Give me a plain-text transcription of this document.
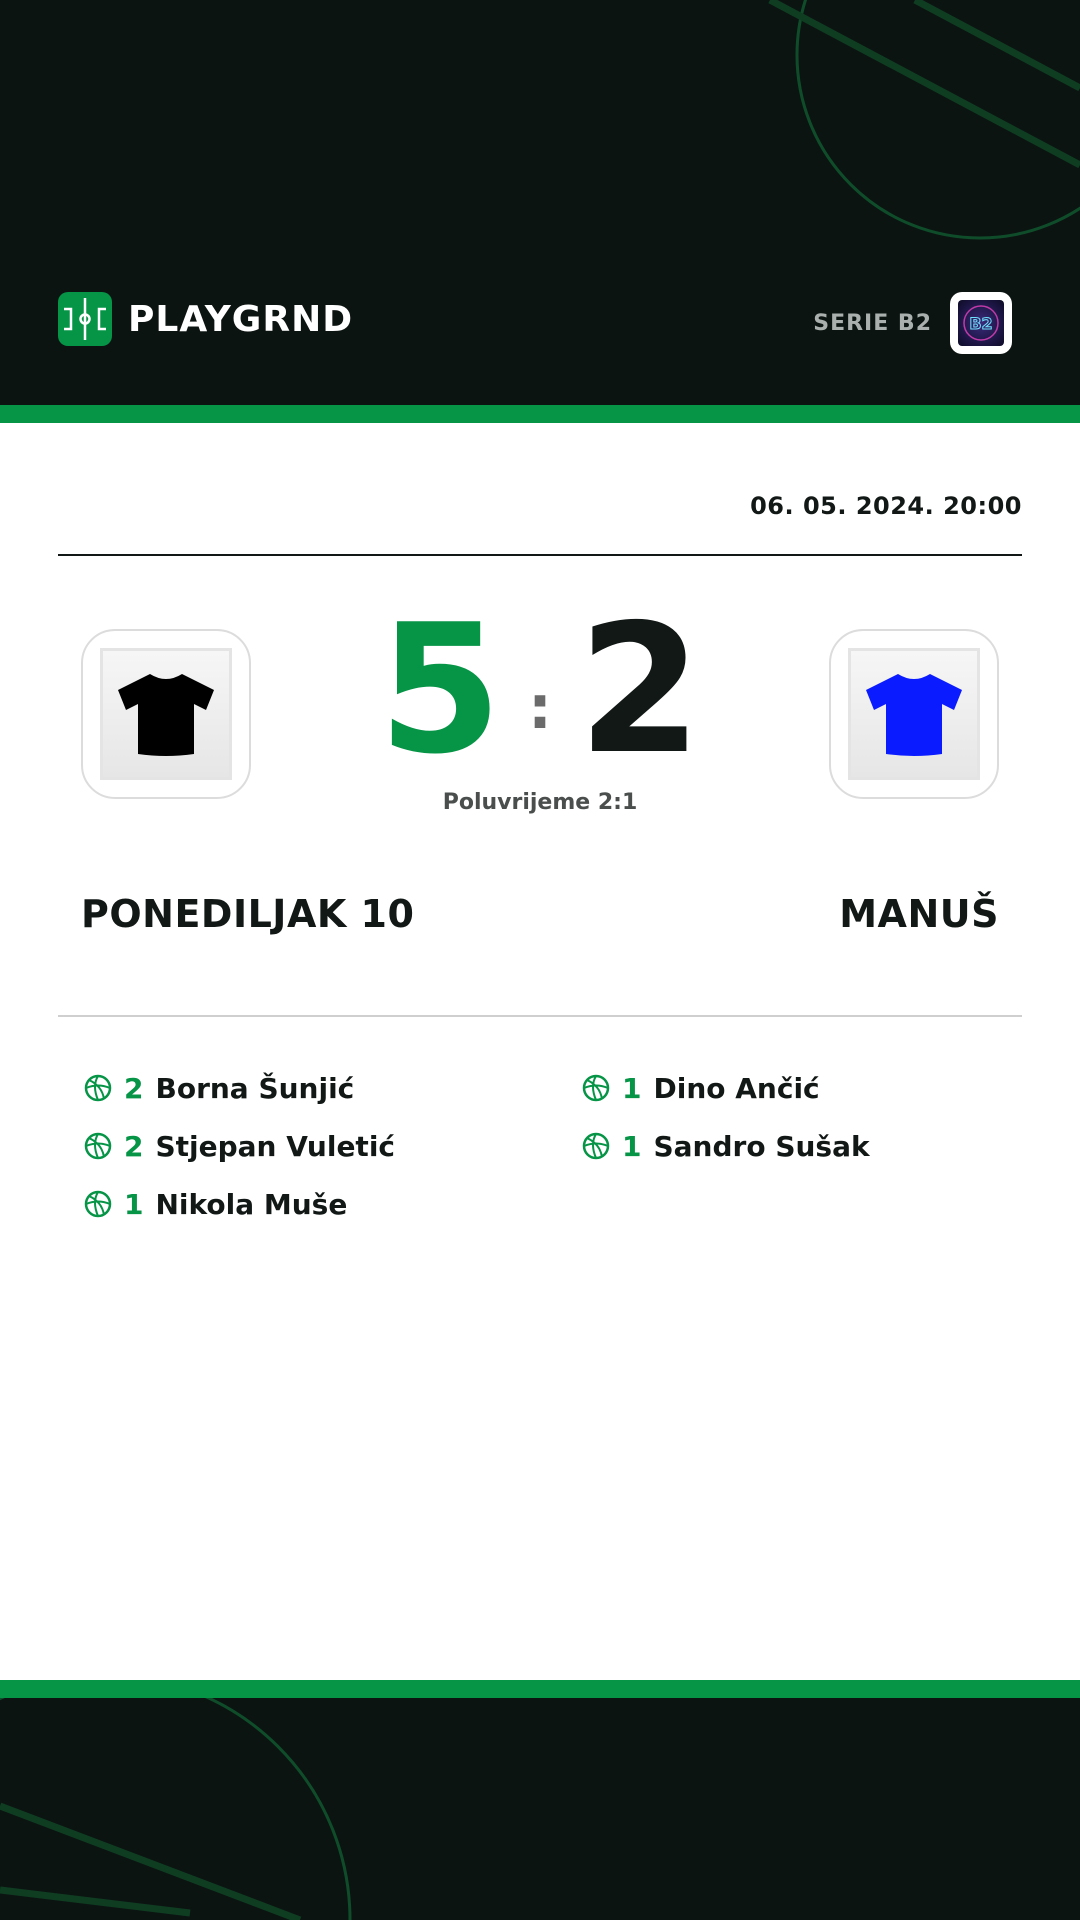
PLAYGRND	SERIE B2 B2
06. 05. 2024. 20:00
5 : 2
Poluvrijeme 2:1
PONEDILJAK 10	MANUŠ
2 Borna Šunjić
2 Stjepan Vuletić
1 Nikola Muše
1 Dino Ančić
1 Sandro Sušak
